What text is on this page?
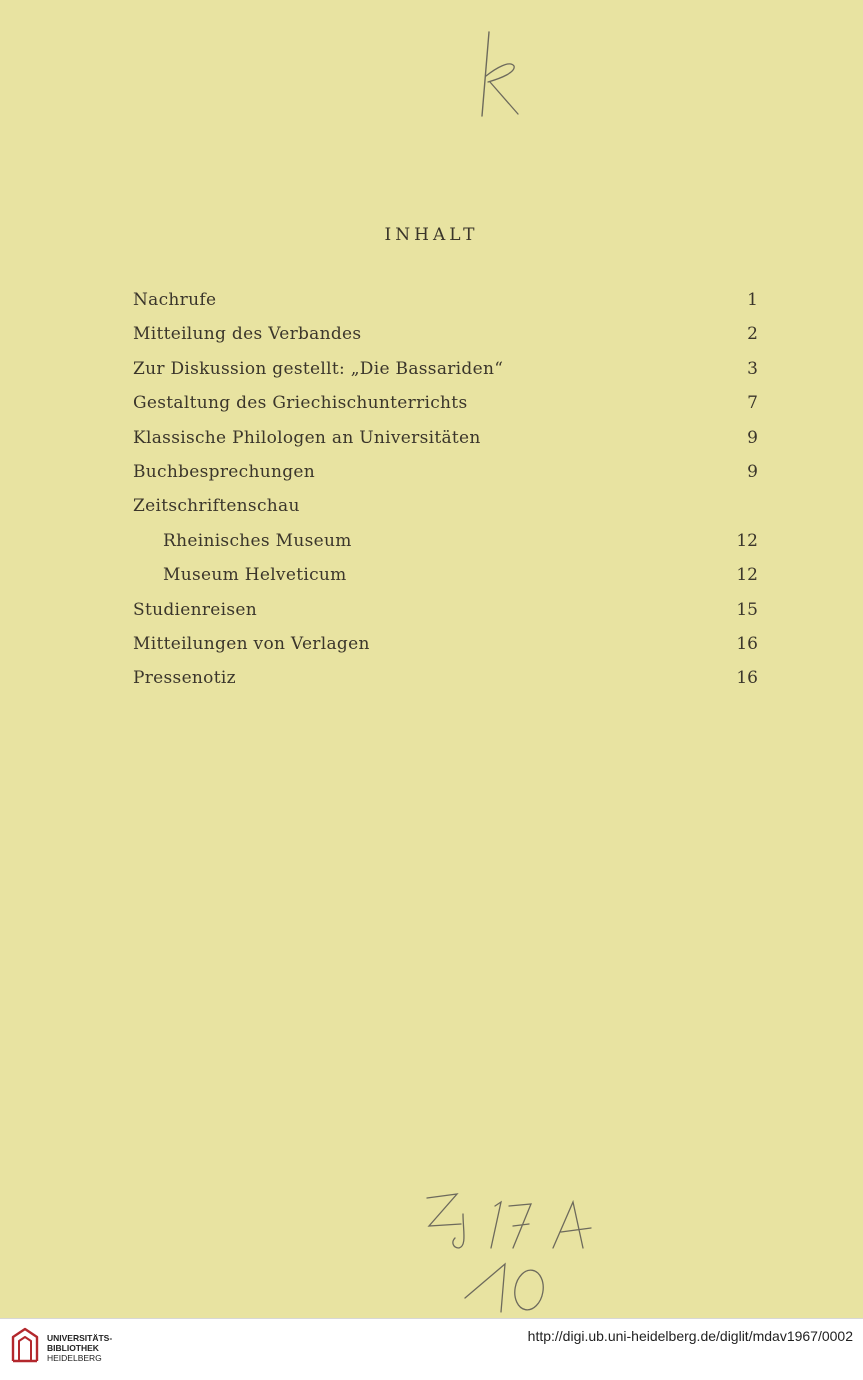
INHALT
Nachrufe	1
Mitteilung des Verbandes	2
Zur Diskussion gestellt: „Die Bassariden“	3
Gestaltung des Griechischunterrichts	7
Klassische Philologen an Universitäten	9
Buchbesprechungen	9
Zeitschriftenschau
Rheinisches Museum	12
Museum Helveticum	12
Studienreisen	15
Mitteilungen von Verlagen	16
Pressenotiz	16
Zj 17A
10
UNIVERSITÄTS-
BIBLIOTHEK
HEIDELBERG
http://digi.ub.uni-heidelberg.de/diglit/mdav1967/0002
